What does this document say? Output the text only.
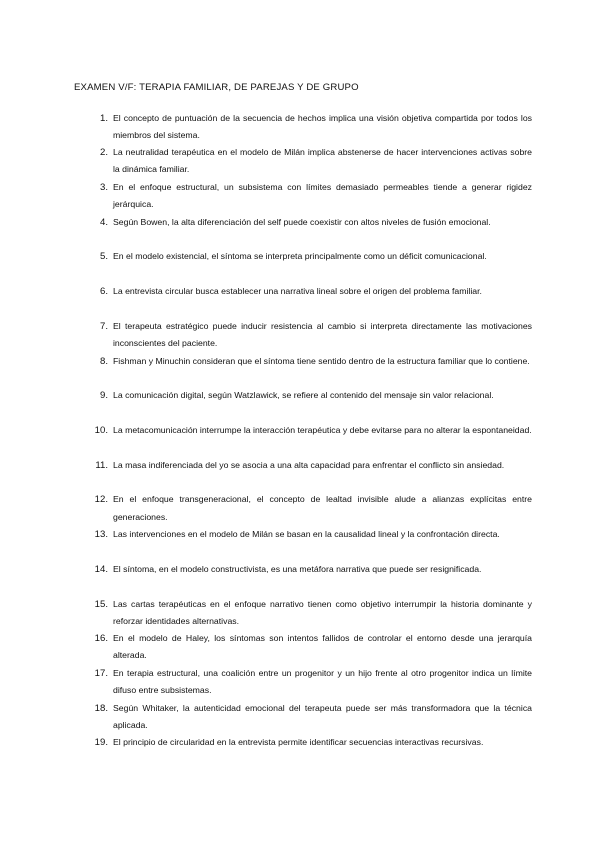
EXAMEN V/F: TERAPIA FAMILIAR, DE PAREJAS Y DE GRUPO
1. El concepto de puntuación de la secuencia de hechos implica una visión objetiva compartida por todos los miembros del sistema.
2. La neutralidad terapéutica en el modelo de Milán implica abstenerse de hacer intervenciones activas sobre la dinámica familiar.
3. En el enfoque estructural, un subsistema con límites demasiado permeables tiende a generar rigidez jerárquica.
4. Según Bowen, la alta diferenciación del self puede coexistir con altos niveles de fusión emocional.
5. En el modelo existencial, el síntoma se interpreta principalmente como un déficit comunicacional.
6. La entrevista circular busca establecer una narrativa lineal sobre el origen del problema familiar.
7. El terapeuta estratégico puede inducir resistencia al cambio si interpreta directamente las motivaciones inconscientes del paciente.
8. Fishman y Minuchin consideran que el síntoma tiene sentido dentro de la estructura familiar que lo contiene.
9. La comunicación digital, según Watzlawick, se refiere al contenido del mensaje sin valor relacional.
10. La metacomunicación interrumpe la interacción terapéutica y debe evitarse para no alterar la espontaneidad.
11. La masa indiferenciada del yo se asocia a una alta capacidad para enfrentar el conflicto sin ansiedad.
12. En el enfoque transgeneracional, el concepto de lealtad invisible alude a alianzas explícitas entre generaciones.
13. Las intervenciones en el modelo de Milán se basan en la causalidad lineal y la confrontación directa.
14. El síntoma, en el modelo constructivista, es una metáfora narrativa que puede ser resignificada.
15. Las cartas terapéuticas en el enfoque narrativo tienen como objetivo interrumpir la historia dominante y reforzar identidades alternativas.
16. En el modelo de Haley, los síntomas son intentos fallidos de controlar el entorno desde una jerarquía alterada.
17. En terapia estructural, una coalición entre un progenitor y un hijo frente al otro progenitor indica un límite difuso entre subsistemas.
18. Según Whitaker, la autenticidad emocional del terapeuta puede ser más transformadora que la técnica aplicada.
19. El principio de circularidad en la entrevista permite identificar secuencias interactivas recursivas.
